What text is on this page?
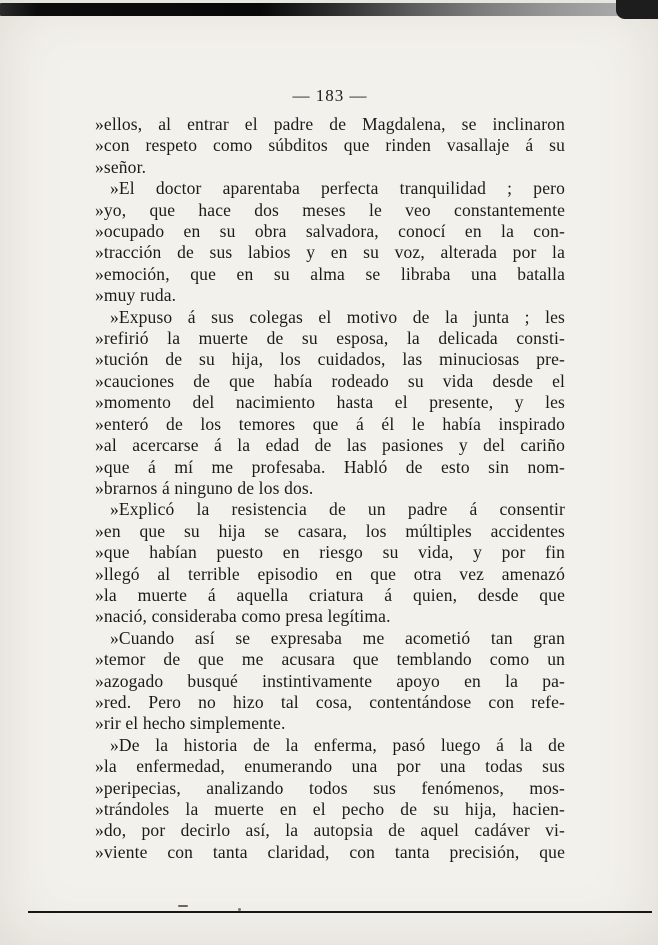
— 183 —
»ellos, al entrar el padre de Magdalena, se inclinaron
»con respeto como súbditos que rinden vasallaje á su
»señor.
»El doctor aparentaba perfecta tranquilidad ; pero
»yo, que hace dos meses le veo constantemente
»ocupado en su obra salvadora, conocí en la con-
»tracción de sus labios y en su voz, alterada por la
»emoción, que en su alma se libraba una batalla
»muy ruda.
»Expuso á sus colegas el motivo de la junta ; les
»refirió la muerte de su esposa, la delicada consti-
»tución de su hija, los cuidados, las minuciosas pre-
»cauciones de que había rodeado su vida desde el
»momento del nacimiento hasta el presente, y les
»enteró de los temores que á él le había inspirado
»al acercarse á la edad de las pasiones y del cariño
»que á mí me profesaba. Habló de esto sin nom-
»brarnos á ninguno de los dos.
»Explicó la resistencia de un padre á consentir
»en que su hija se casara, los múltiples accidentes
»que habían puesto en riesgo su vida, y por fin
»llegó al terrible episodio en que otra vez amenazó
»la muerte á aquella criatura á quien, desde que
»nació, consideraba como presa legítima.
»Cuando así se expresaba me acometió tan gran
»temor de que me acusara que temblando como un
»azogado busqué instintivamente apoyo en la pa-
»red. Pero no hizo tal cosa, contentándose con refe-
»rir el hecho simplemente.
»De la historia de la enferma, pasó luego á la de
»la enfermedad, enumerando una por una todas sus
»peripecias, analizando todos sus fenómenos, mos-
»trándoles la muerte en el pecho de su hija, hacien-
»do, por decirlo así, la autopsia de aquel cadáver vi-
»viente con tanta claridad, con tanta precisión, que
